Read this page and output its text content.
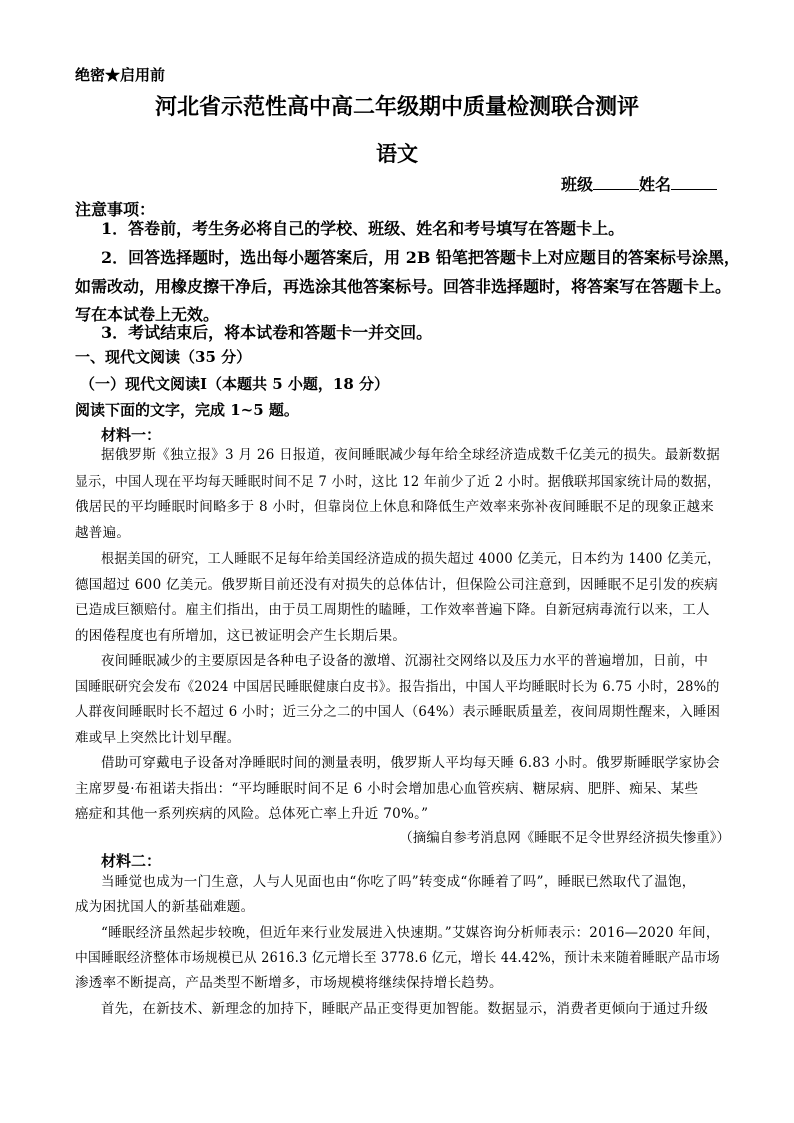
绝密★启用前
河北省示范性高中高二年级期中质量检测联合测评
语文
班级	姓名
注意事项：
1．答卷前，考生务必将自己的学校、班级、姓名和考号填写在答题卡上。
2．回答选择题时，选出每小题答案后，用 2B 铅笔把答题卡上对应题目的答案标号涂黑，
如需改动，用橡皮擦干净后，再选涂其他答案标号。回答非选择题时，将答案写在答题卡上。
写在本试卷上无效。
3．考试结束后，将本试卷和答题卡一并交回。
一、现代文阅读（35 分）
（一）现代文阅读Ⅰ（本题共 5 小题，18 分）
阅读下面的文字，完成 1~5 题。
材料一：
据俄罗斯《独立报》3 月 26 日报道，夜间睡眠减少每年给全球经济造成数千亿美元的损失。最新数据
显示，中国人现在平均每天睡眠时间不足 7 小时，这比 12 年前少了近 2 小时。据俄联邦国家统计局的数据，
俄居民的平均睡眠时间略多于 8 小时，但靠岗位上休息和降低生产效率来弥补夜间睡眠不足的现象正越来
越普遍。
根据美国的研究，工人睡眠不足每年给美国经济造成的损失超过 4000 亿美元，日本约为 1400 亿美元，
德国超过 600 亿美元。俄罗斯目前还没有对损失的总体估计，但保险公司注意到，因睡眠不足引发的疾病
已造成巨额赔付。雇主们指出，由于员工周期性的瞌睡，工作效率普遍下降。自新冠病毒流行以来，工人
的困倦程度也有所增加，这已被证明会产生长期后果。
夜间睡眠减少的主要原因是各种电子设备的激增、沉溺社交网络以及压力水平的普遍增加，日前，中
国睡眠研究会发布《2024 中国居民睡眠健康白皮书》。报告指出，中国人平均睡眠时长为 6.75 小时，28%的
人群夜间睡眠时长不超过 6 小时；近三分之二的中国人（64%）表示睡眠质量差，夜间周期性醒来，入睡困
难或早上突然比计划早醒。
借助可穿戴电子设备对净睡眠时间的测量表明，俄罗斯人平均每天睡 6.83 小时。俄罗斯睡眠学家协会
主席罗曼·布祖诺夫指出：“平均睡眠时间不足 6 小时会增加患心血管疾病、糖尿病、肥胖、痴呆、某些
癌症和其他一系列疾病的风险。总体死亡率上升近 70%。”
（摘编自参考消息网《睡眠不足令世界经济损失惨重》）
材料二：
当睡觉也成为一门生意，人与人见面也由“你吃了吗”转变成“你睡着了吗”，睡眠已然取代了温饱，
成为困扰国人的新基础难题。
“睡眠经济虽然起步较晚，但近年来行业发展进入快速期。”艾媒咨询分析师表示：2016—2020 年间，
中国睡眠经济整体市场规模已从 2616.3 亿元增长至 3778.6 亿元，增长 44.42%，预计未来随着睡眠产品市场
渗透率不断提高，产品类型不断增多，市场规模将继续保持增长趋势。
首先，在新技术、新理念的加持下，睡眠产品正变得更加智能。数据显示，消费者更倾向于通过升级
